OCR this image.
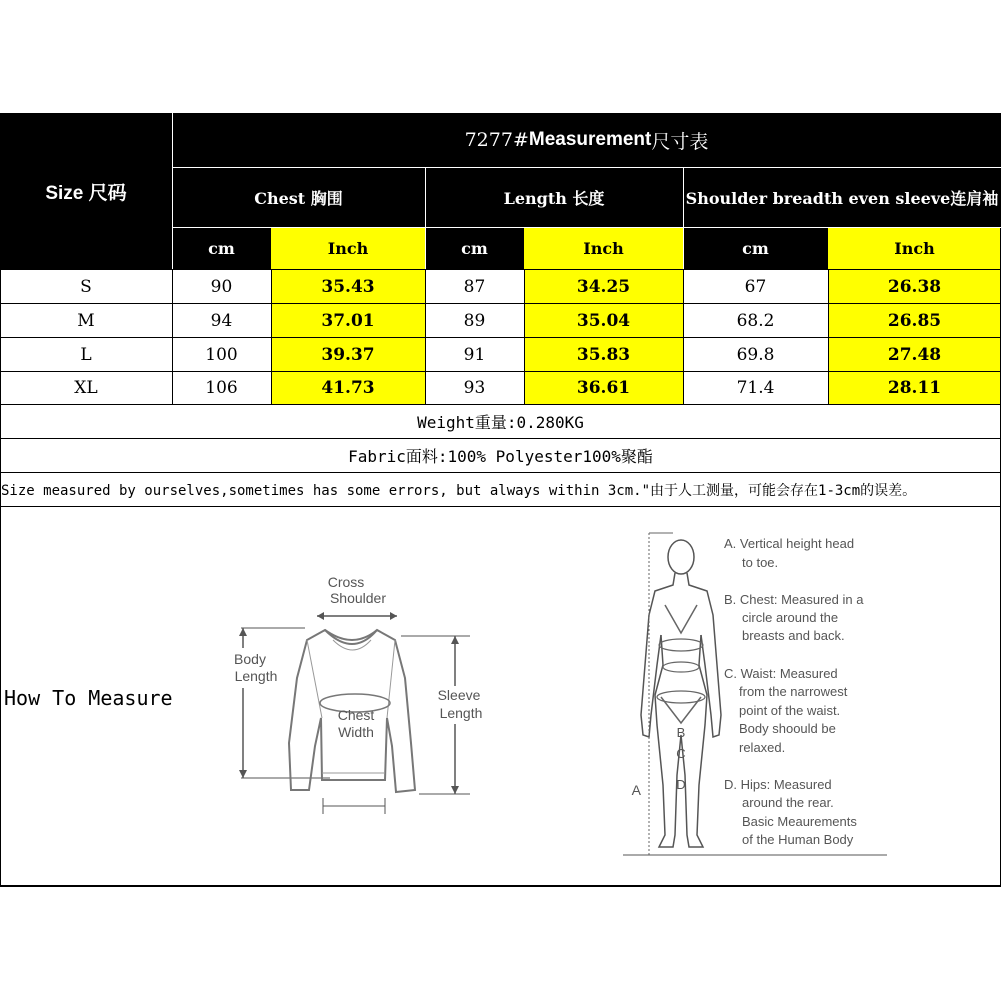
Size 尺码
7277# Measurement 尺寸表
Chest 胸围	Length 长度	Shoulder breadth even sleeve连肩袖
cm	Inch	cm	Inch	cm	Inch
S	90	35.43	87	34.25	67	26.38
M	94	37.01	89	35.04	68.2	26.85
L	100	39.37	91	35.83	69.8	27.48
XL	106	41.73	93	36.61	71.4	28.11
Weight重量:0.280KG
Fabric面料:100% Polyester100%聚酯
Size measured by ourselves,sometimes has some errors, but always within 3cm."由于人工测量，可能会存在1-3cm的误差。
How To Measure
Cross
Shoulder
Body
Length
Chest
Width
Sleeve
Length
A
B
C
D
A. Vertical height head
to toe.
B. Chest: Measured in a
circle around the
breasts and back.
C. Waist: Measured
from the narrowest
point of the waist.
Body shoould be
relaxed.
D. Hips: Measured
around the rear.
Basic Meaurements
of the Human Body
